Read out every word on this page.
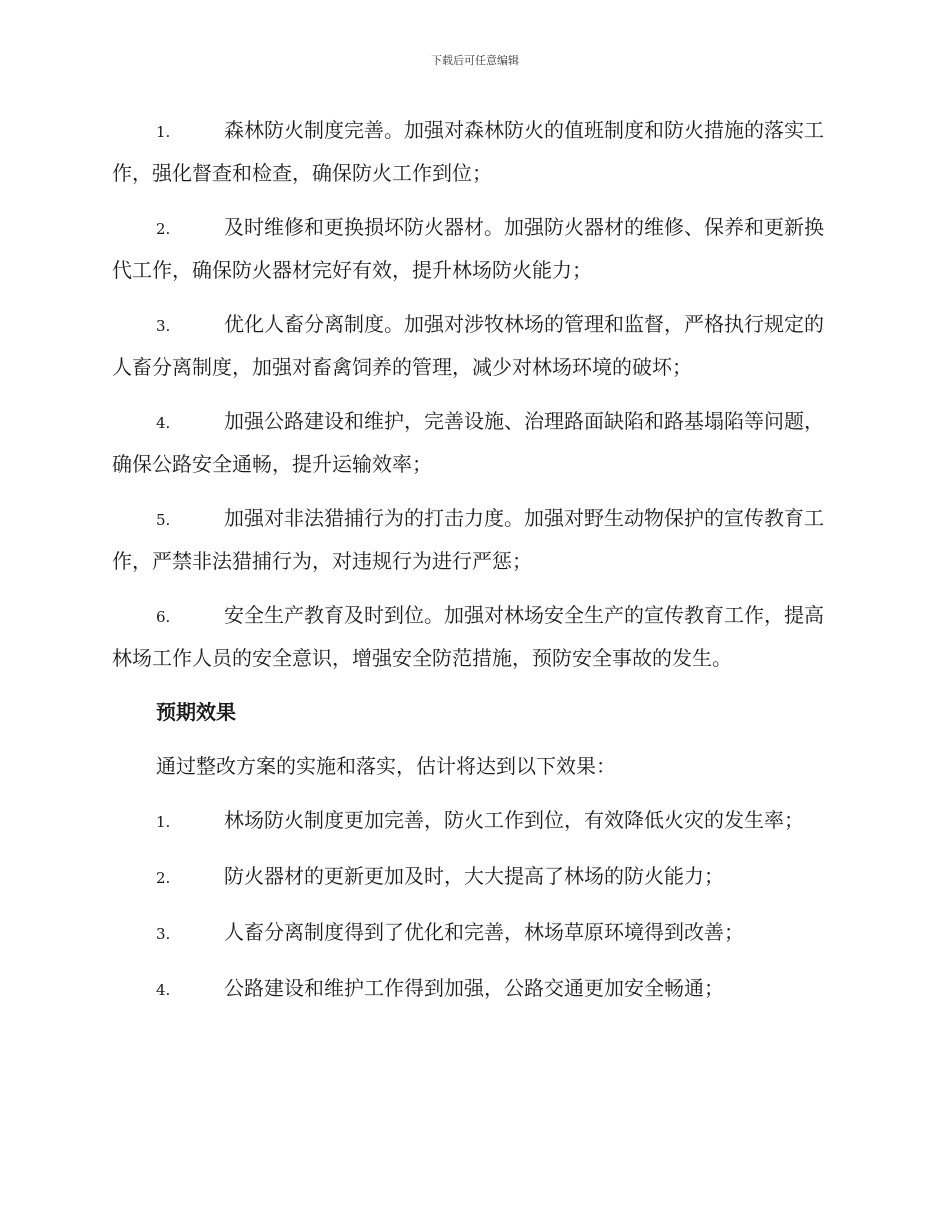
下载后可任意编辑

1.	森林防火制度完善。加强对森林防火的值班制度和防火措施的落实工作，强化督查和检查，确保防火工作到位；

2.	及时维修和更换损坏防火器材。加强防火器材的维修、保养和更新换代工作，确保防火器材完好有效，提升林场防火能力；

3.	优化人畜分离制度。加强对涉牧林场的管理和监督，严格执行规定的人畜分离制度，加强对畜禽饲养的管理，减少对林场环境的破坏；

4.	加强公路建设和维护，完善设施、治理路面缺陷和路基塌陷等问题，确保公路安全通畅，提升运输效率；

5.	加强对非法猎捕行为的打击力度。加强对野生动物保护的宣传教育工作，严禁非法猎捕行为，对违规行为进行严惩；

6.	安全生产教育及时到位。加强对林场安全生产的宣传教育工作，提高林场工作人员的安全意识，增强安全防范措施，预防安全事故的发生。

预期效果

通过整改方案的实施和落实，估计将达到以下效果：

1.	林场防火制度更加完善，防火工作到位，有效降低火灾的发生率；

2.	防火器材的更新更加及时，大大提高了林场的防火能力；

3.	人畜分离制度得到了优化和完善，林场草原环境得到改善；

4.	公路建设和维护工作得到加强，公路交通更加安全畅通；
